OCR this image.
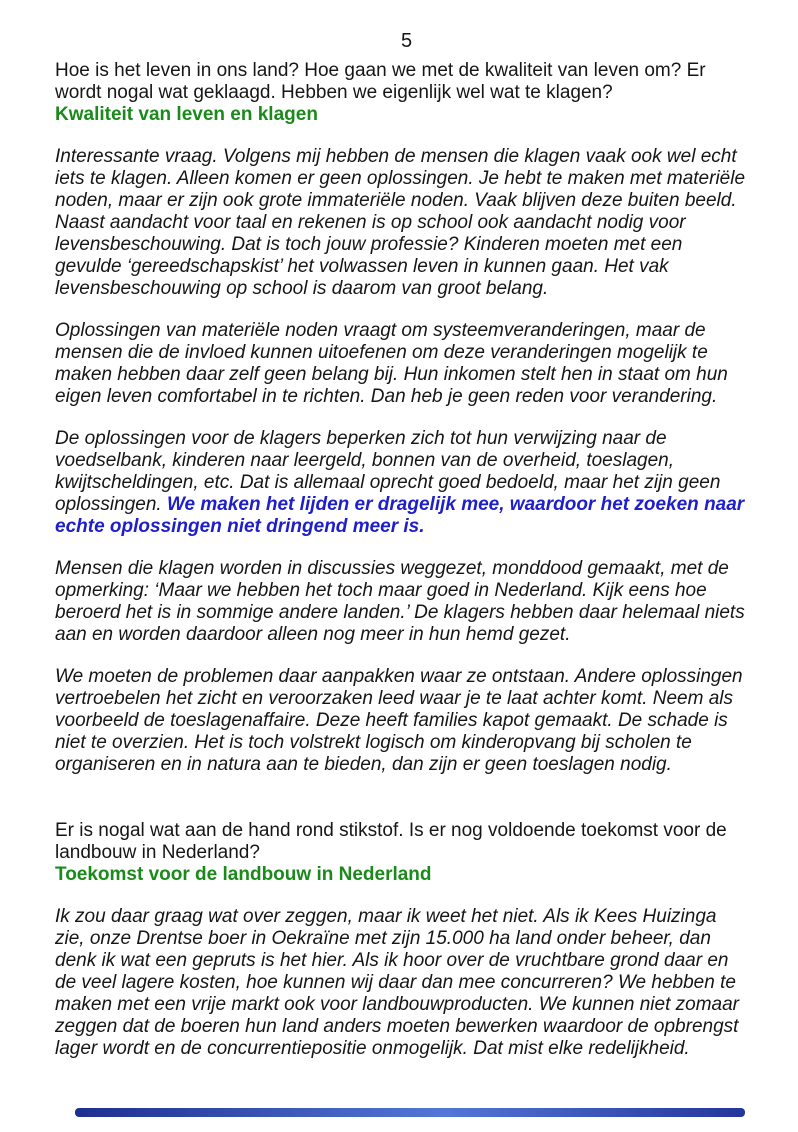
5
Hoe is het leven in ons land? Hoe gaan we met de kwaliteit van leven om? Er
wordt nogal wat geklaagd. Hebben we eigenlijk wel wat te klagen?
Kwaliteit van leven en klagen
Interessante vraag. Volgens mij hebben de mensen die klagen vaak ook wel echt
iets te klagen. Alleen komen er geen oplossingen. Je hebt te maken met materiële
noden, maar er zijn ook grote immateriële noden. Vaak blijven deze buiten beeld.
Naast aandacht voor taal en rekenen is op school ook aandacht nodig voor
levensbeschouwing. Dat is toch jouw professie? Kinderen moeten met een
gevulde ‘gereedschapskist’ het volwassen leven in kunnen gaan. Het vak
levensbeschouwing op school is daarom van groot belang.
Oplossingen van materiële noden vraagt om systeemveranderingen, maar de
mensen die de invloed kunnen uitoefenen om deze veranderingen mogelijk te
maken hebben daar zelf geen belang bij. Hun inkomen stelt hen in staat om hun
eigen leven comfortabel in te richten. Dan heb je geen reden voor verandering.
De oplossingen voor de klagers beperken zich tot hun verwijzing naar de
voedselbank, kinderen naar leergeld, bonnen van de overheid, toeslagen,
kwijtscheldingen, etc. Dat is allemaal oprecht goed bedoeld, maar het zijn geen
oplossingen. We maken het lijden er dragelijk mee, waardoor het zoeken naar
echte oplossingen niet dringend meer is.
Mensen die klagen worden in discussies weggezet, monddood gemaakt, met de
opmerking: ‘Maar we hebben het toch maar goed in Nederland. Kijk eens hoe
beroerd het is in sommige andere landen.’ De klagers hebben daar helemaal niets
aan en worden daardoor alleen nog meer in hun hemd gezet.
We moeten de problemen daar aanpakken waar ze ontstaan. Andere oplossingen
vertroebelen het zicht en veroorzaken leed waar je te laat achter komt. Neem als
voorbeeld de toeslagenaffaire. Deze heeft families kapot gemaakt. De schade is
niet te overzien. Het is toch volstrekt logisch om kinderopvang bij scholen te
organiseren en in natura aan te bieden, dan zijn er geen toeslagen nodig.
Er is nogal wat aan de hand rond stikstof. Is er nog voldoende toekomst voor de
landbouw in Nederland?
Toekomst voor de landbouw in Nederland
Ik zou daar graag wat over zeggen, maar ik weet het niet. Als ik Kees Huizinga
zie, onze Drentse boer in Oekraïne met zijn 15.000 ha land onder beheer, dan
denk ik wat een gepruts is het hier. Als ik hoor over de vruchtbare grond daar en
de veel lagere kosten, hoe kunnen wij daar dan mee concurreren? We hebben te
maken met een vrije markt ook voor landbouwproducten. We kunnen niet zomaar
zeggen dat de boeren hun land anders moeten bewerken waardoor de opbrengst
lager wordt en de concurrentiepositie onmogelijk. Dat mist elke redelijkheid.
